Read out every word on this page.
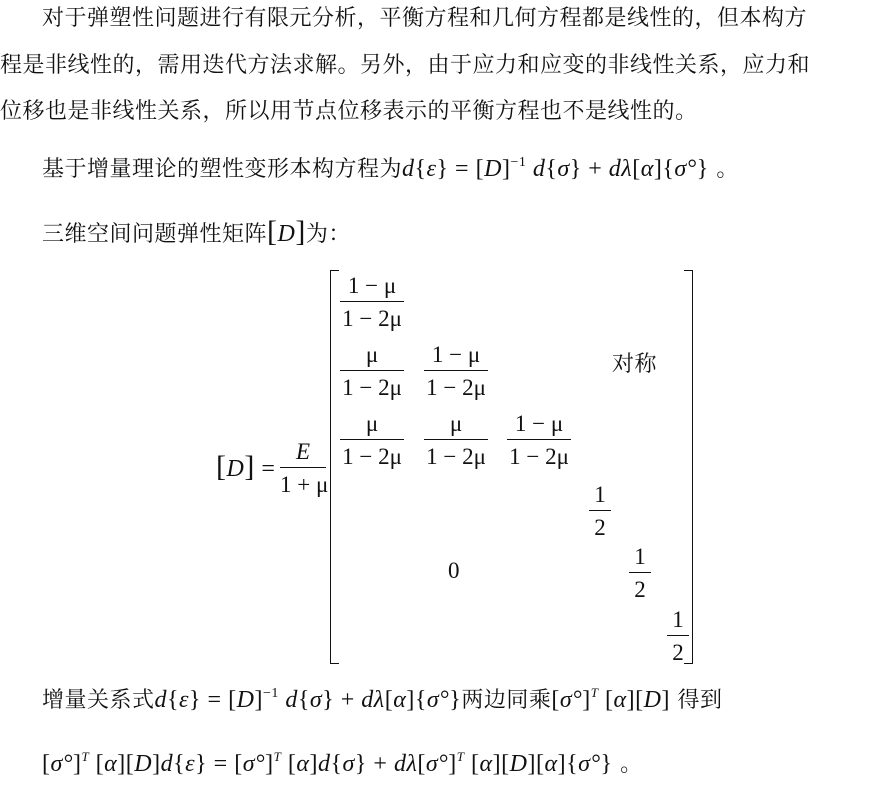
对于弹塑性问题进行有限元分析，平衡方程和几何方程都是线性的，但本构方
程是非线性的，需用迭代方法求解。另外，由于应力和应变的非线性关系，应力和
位移也是非线性关系，所以用节点位移表示的平衡方程也不是线性的。
基于增量理论的塑性变形本构方程为$d\{\varepsilon\} = [D]^{-1}$ d{σ} + dλ[α]{σ°} 。
三维空间问题弹性矩阵[D]为：
[D] =
E
1 + μ
1 − μ
1 − 2μ
μ
1 − 2μ
1 − μ
1 − 2μ
对称
μ
1 − 2μ
μ
1 − 2μ
1 − μ
1 − 2μ
1
2
0
1
2
1
2
增量关系式$d\{\varepsilon\} = [D]^{-1}$ d{σ} + dλ[α]{σ°}两边同乘$[\sigma^\circ]^T$ [α][D] 得到
$[\sigma^\circ]^T$ $[\alpha][D]d\{\varepsilon\} = [\sigma^\circ]^T$ $[\alpha]d\{\sigma\} + d\lambda[\sigma^\circ]^T$ [α][D][α]{σ°} 。
